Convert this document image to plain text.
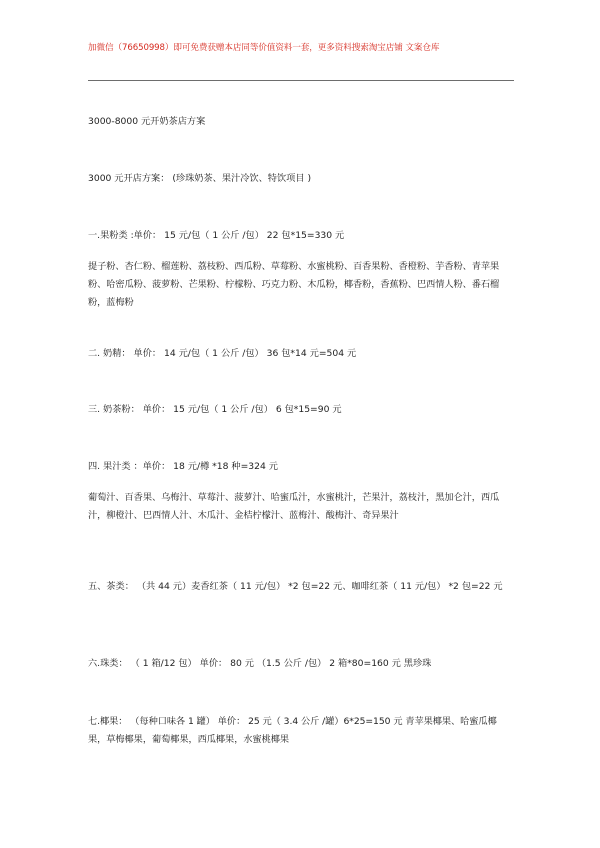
加微信（76650998）即可免费获赠本店同等价值资料一套，更多资料搜索淘宝店铺 文案仓库
3000-8000 元开奶茶店方案
3000 元开店方案： (珍珠奶茶、果汁冷饮、特饮项目 )
一.果粉类 :单价： 15 元/包（ 1 公斤 /包） 22 包*15=330 元
提子粉、杏仁粉、榴莲粉、荔枝粉、西瓜粉、草莓粉、水蜜桃粉、百香果粉、香橙粉、芋香粉、青苹果粉、哈密瓜粉、菠萝粉、芒果粉、柠檬粉、巧克力粉、木瓜粉，椰香粉，香蕉粉、巴西情人粉、番石榴粉，蓝梅粉
二. 奶精： 单价： 14 元/包（ 1 公斤 /包） 36 包*14 元=504 元
三. 奶茶粉： 单价： 15 元/包（ 1 公斤 /包） 6 包*15=90 元
四. 果汁类 ：单价： 18 元/樽 *18 种=324 元
葡萄汁、百香果、乌梅汁、草莓汁、菠萝汁、哈蜜瓜汁，水蜜桃汁，芒果汁，荔枝汁，黑加仑汁，西瓜汁，柳橙汁、巴西情人汁、木瓜汁、金桔柠檬汁、蓝梅汁、酸梅汁、奇异果汁
五、茶类： （共 44 元）麦香红茶（ 11 元/包） *2 包=22 元、咖啡红茶（ 11 元/包） *2 包=22 元
六.珠类： （ 1 箱/12 包） 单价： 80 元 （1.5 公斤 /包） 2 箱*80=160 元 黑珍珠
七.椰果： （每种口味各 1 罐） 单价： 25 元（ 3.4 公斤 /罐）6*25=150 元 青苹果椰果、哈蜜瓜椰果，草梅椰果，葡萄椰果，西瓜椰果，水蜜桃椰果
